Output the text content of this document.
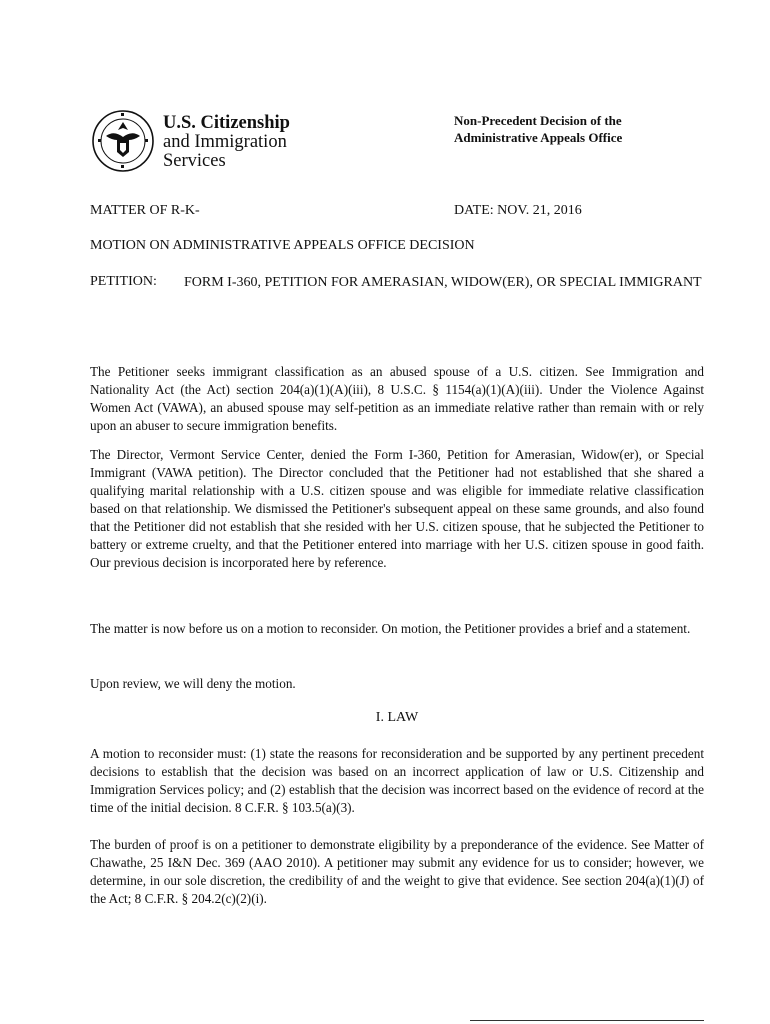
U.S. Citizenship
and Immigration
Services
Non-Precedent Decision of the
Administrative Appeals Office
MATTER OF R-K-	DATE: NOV. 21, 2016
MOTION ON ADMINISTRATIVE APPEALS OFFICE DECISION
PETITION: FORM I-360, PETITION FOR AMERASIAN, WIDOW(ER), OR SPECIAL IMMIGRANT

The Petitioner seeks immigrant classification as an abused spouse of a U.S. citizen. See Immigration and Nationality Act (the Act) section 204(a)(1)(A)(iii), 8 U.S.C. § 1154(a)(1)(A)(iii). Under the Violence Against Women Act (VAWA), an abused spouse may self-petition as an immediate relative rather than remain with or rely upon an abuser to secure immigration benefits.

The Director, Vermont Service Center, denied the Form I-360, Petition for Amerasian, Widow(er), or Special Immigrant (VAWA petition). The Director concluded that the Petitioner had not established that she shared a qualifying marital relationship with a U.S. citizen spouse and was eligible for immediate relative classification based on that relationship. We dismissed the Petitioner's subsequent appeal on these same grounds, and also found that the Petitioner did not establish that she resided with her U.S. citizen spouse, that he subjected the Petitioner to battery or extreme cruelty, and that the Petitioner entered into marriage with her U.S. citizen spouse in good faith. Our previous decision is incorporated here by reference.

The matter is now before us on a motion to reconsider. On motion, the Petitioner provides a brief and a statement.

Upon review, we will deny the motion.

I. LAW

A motion to reconsider must: (1) state the reasons for reconsideration and be supported by any pertinent precedent decisions to establish that the decision was based on an incorrect application of law or U.S. Citizenship and Immigration Services policy; and (2) establish that the decision was incorrect based on the evidence of record at the time of the initial decision. 8 C.F.R. § 103.5(a)(3).

The burden of proof is on a petitioner to demonstrate eligibility by a preponderance of the evidence. See Matter of Chawathe, 25 I&N Dec. 369 (AAO 2010). A petitioner may submit any evidence for us to consider; however, we determine, in our sole discretion, the credibility of and the weight to give that evidence. See section 204(a)(1)(J) of the Act; 8 C.F.R. § 204.2(c)(2)(i).
